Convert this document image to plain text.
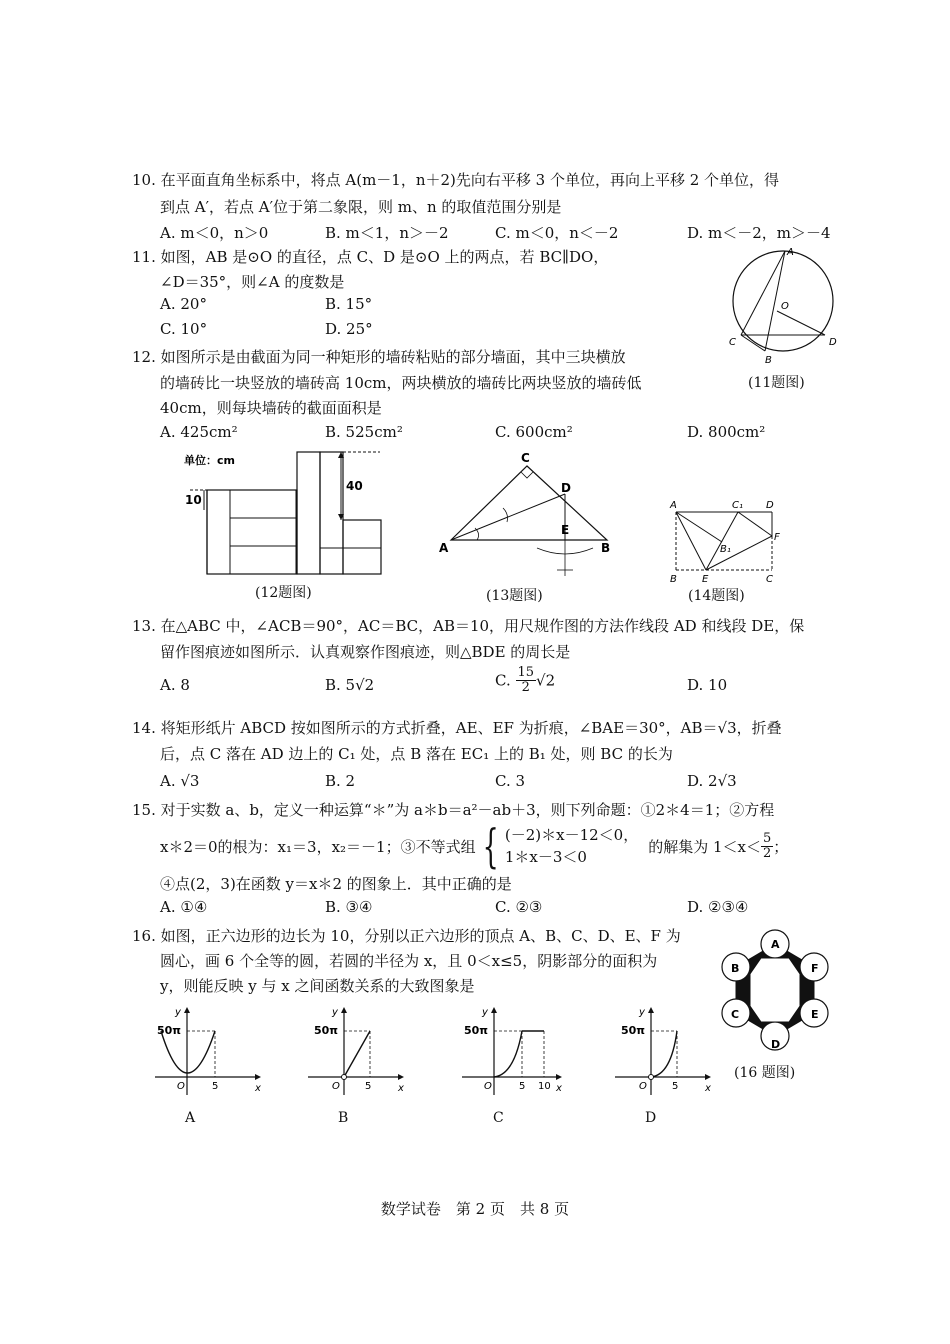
10. 在平面直角坐标系中，将点 A(m－1，n＋2)先向右平移 3 个单位，再向上平移 2 个单位，得
到点 A′，若点 A′位于第二象限，则 m、n 的取值范围分别是
A. m＜0，n＞0	B. m＜1，n＞－2	C. m＜0，n＜－2	D. m＜－2，m＞－4
11. 如图，AB 是⊙O 的直径，点 C、D 是⊙O 上的两点，若 BC∥DO，
∠D＝35°，则∠A 的度数是
A. 20°	B. 15°
C. 10°	D. 25°
A
O
C
B
D
(11题图)
12. 如图所示是由截面为同一种矩形的墙砖粘贴的部分墙面，其中三块横放
的墙砖比一块竖放的墙砖高 10cm，两块横放的墙砖比两块竖放的墙砖低
40cm，则每块墙砖的截面面积是
A. 425cm²	B. 525cm²	C. 600cm²	D. 800cm²
单位：cm
40
10
(12题图)
C
D
A
E
B
(13题图)
A	C₁ D
F
B₁
B	E	C
(14题图)
13. 在△ABC 中，∠ACB＝90°，AC＝BC，AB＝10，用尺规作图的方法作线段 AD 和线段 DE，保
留作图痕迹如图所示．认真观察作图痕迹，则△BDE 的周长是
A. 8	B. 5√2	C. $\frac{15}{2} √2$	D. 10
14. 将矩形纸片 ABCD 按如图所示的方式折叠，AE、EF 为折痕，∠BAE＝30°，AB＝√3，折叠
后，点 C 落在 AD 边上的 C₁ 处，点 B 落在 EC₁ 上的 B₁ 处，则 BC 的长为
A. √3	B. 2	C. 3	D. 2√3
15. 对于实数 a、b，定义一种运算“＊”为 a＊b＝a²－ab＋3，则下列命题：①2＊4＝1；②方程
x＊2＝0的根为：x₁＝3，x₂＝－1；③不等式组 { (－2)＊x－12＜0，
1＊x－3＜0
的解集为 $1<x< \frac{5}{2}$ ；
④点(2，3)在函数 y＝x＊2 的图象上．其中正确的是
A. ①④	B. ③④	C. ②③	D. ②③④
16. 如图，正六边形的边长为 10，分别以正六边形的顶点 A、B、C、D、E、F 为
圆心，画 6 个全等的圆，若圆的半径为 x，且 0＜x≤5，阴影部分的面积为
y，则能反映 y 与 x 之间函数关系的大致图象是
A
B	F
C	E
D
(16 题图)
y
x
50π
O	5
A
y
x
50π
O	5
B
y
x
50π
O	5 10
C
y
x
50π
O	5
D
数学试卷　第 2 页　共 8 页
